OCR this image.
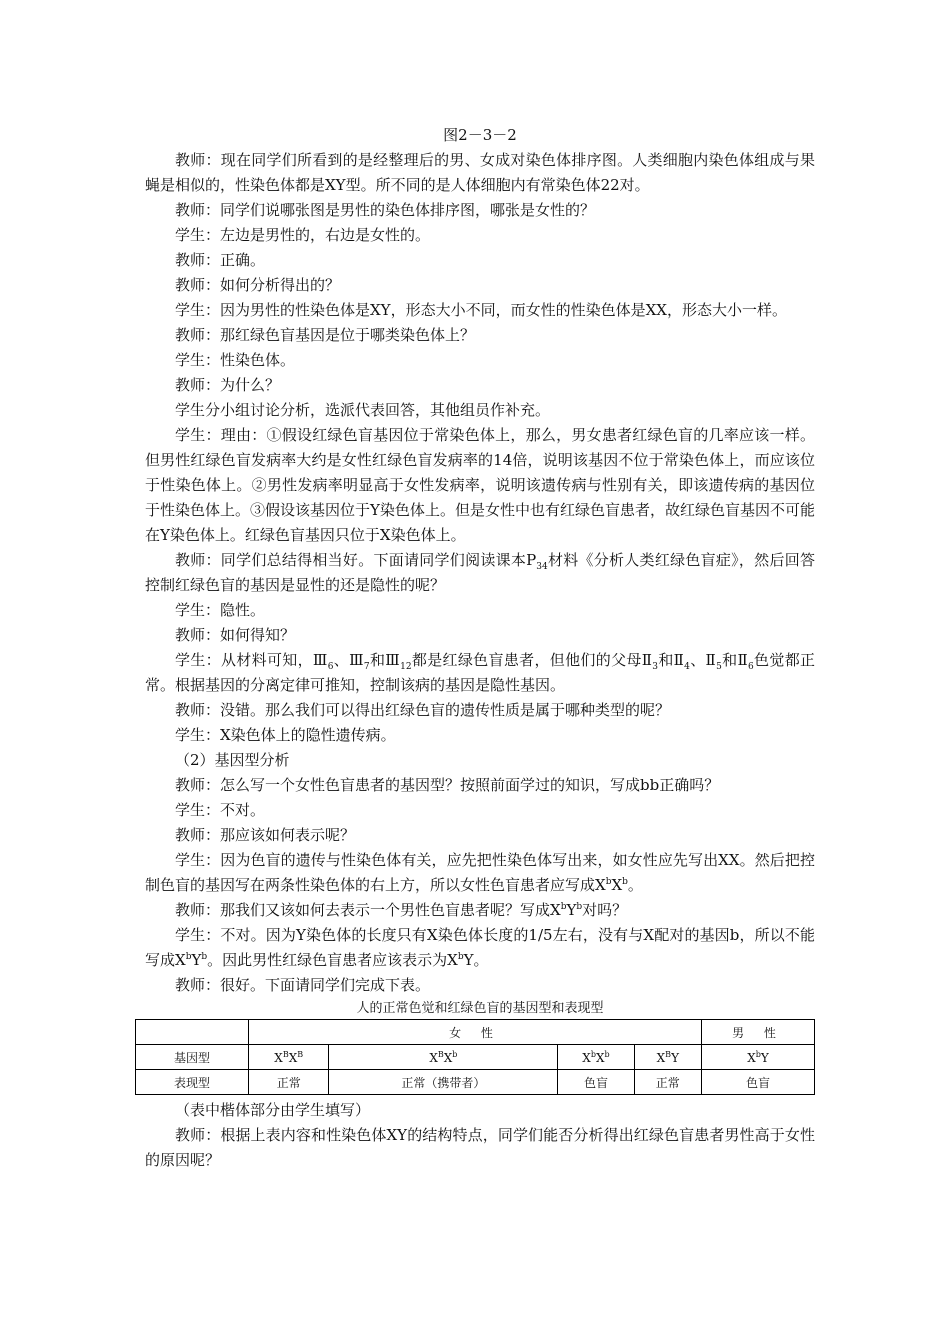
图2－3－2

教师：现在同学们所看到的是经整理后的男、女成对染色体排序图。人类细胞内染色体组成与果蝇是相似的，性染色体都是XY型。所不同的是人体细胞内有常染色体22对。

教师：同学们说哪张图是男性的染色体排序图，哪张是女性的？

学生：左边是男性的，右边是女性的。

教师：正确。

教师：如何分析得出的？

学生：因为男性的性染色体是XY，形态大小不同，而女性的性染色体是XX，形态大小一样。

教师：那红绿色盲基因是位于哪类染色体上？

学生：性染色体。

教师：为什么？

学生分小组讨论分析，选派代表回答，其他组员作补充。

学生：理由：①假设红绿色盲基因位于常染色体上，那么，男女患者红绿色盲的几率应该一样。但男性红绿色盲发病率大约是女性红绿色盲发病率的14倍，说明该基因不位于常染色体上，而应该位于性染色体上。②男性发病率明显高于女性发病率，说明该遗传病与性别有关，即该遗传病的基因位于性染色体上。③假设该基因位于Y染色体上。但是女性中也有红绿色盲患者，故红绿色盲基因不可能在Y染色体上。红绿色盲基因只位于X染色体上。

教师：同学们总结得相当好。下面请同学们阅读课本$P_{34}$材料《分析人类红绿色盲症》，然后回答控制红绿色盲的基因是显性的还是隐性的呢？

学生：隐性。

教师：如何得知？

学生：从材料可知，$Ⅲ_6$、$Ⅲ_7$和$Ⅲ_{12}$都是红绿色盲患者，但他们的父母$Ⅱ_3$和$Ⅱ_4$、$Ⅱ_5$和$Ⅱ_6$色觉都正常。根据基因的分离定律可推知，控制该病的基因是隐性基因。

教师：没错。那么我们可以得出红绿色盲的遗传性质是属于哪种类型的呢？

学生：X染色体上的隐性遗传病。

（2）基因型分析

教师：怎么写一个女性色盲患者的基因型？按照前面学过的知识，写成bb正确吗？

学生：不对。

教师：那应该如何表示呢？

学生：因为色盲的遗传与性染色体有关，应先把性染色体写出来，如女性应先写出XX。然后把控制色盲的基因写在两条性染色体的右上方，所以女性色盲患者应写成$X^bX^b$。

教师：那我们又该如何去表示一个男性色盲患者呢？写成$X^bY^b$对吗？

学生：不对。因为Y染色体的长度只有X染色体长度的1/5左右，没有与X配对的基因b，所以不能写成$X^bY^b$。因此男性红绿色盲患者应该表示为$X^bY$。

教师：很好。下面请同学们完成下表。

人的正常色觉和红绿色盲的基因型和表现型
	女 性				男 性
基因型	$X^BX^B$	$X^BX^b$	$X^bX^b$	$X^BY$	$X^bY$
表现型	正常	正常（携带者）	色盲	正常	色盲

（表中楷体部分由学生填写）

教师：根据上表内容和性染色体XY的结构特点，同学们能否分析得出红绿色盲患者男性高于女性的原因呢？
